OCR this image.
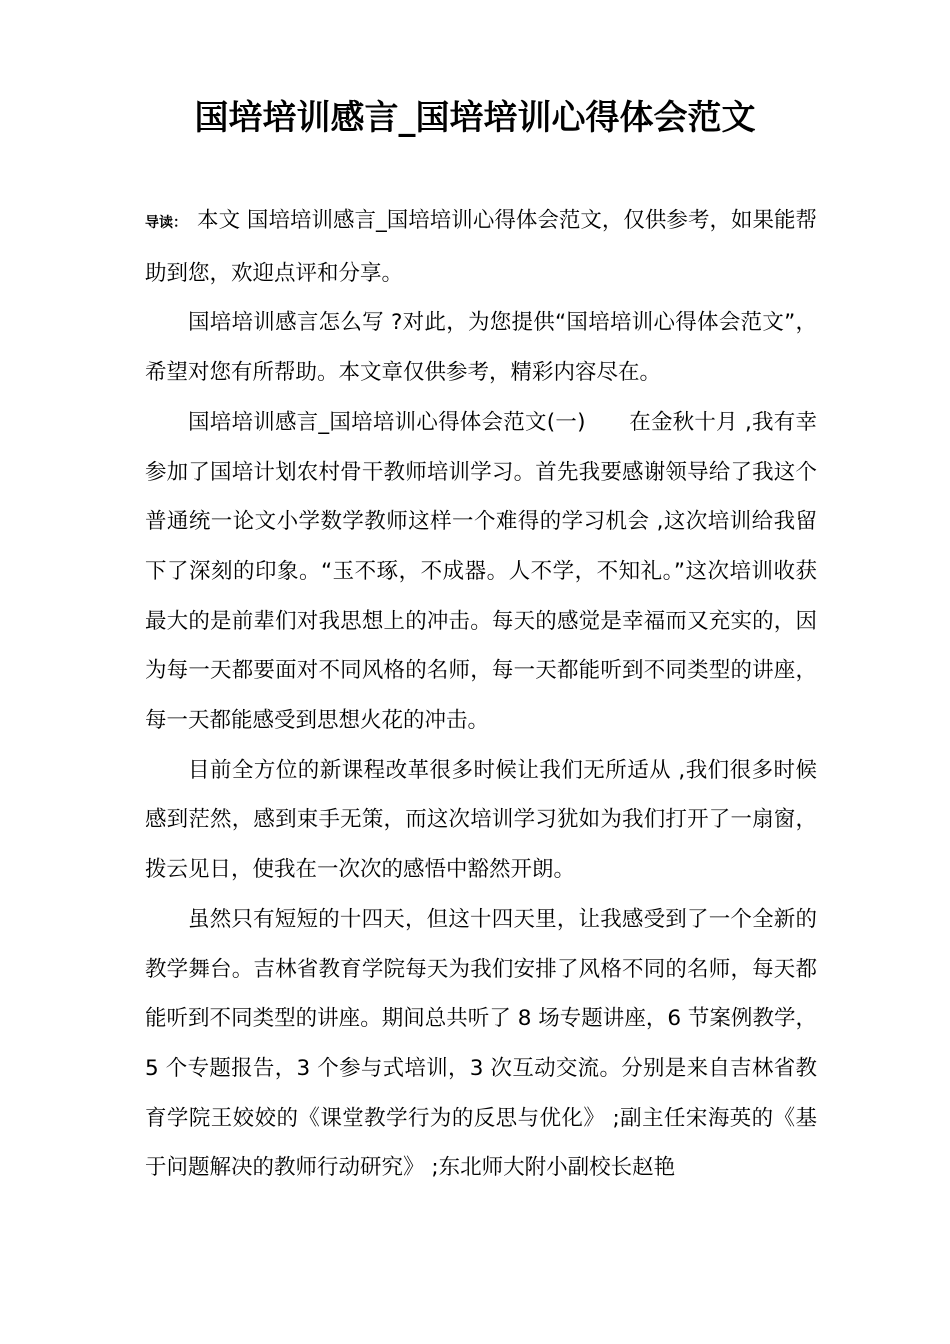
国培培训感言_国培培训心得体会范文

导读： 本文 国培培训感言_国培培训心得体会范文，仅供参考，如果能帮助到您，欢迎点评和分享。

国培培训感言怎么写 ?对此，为您提供“国培培训心得体会范文”，希望对您有所帮助。本文章仅供参考，精彩内容尽在。

国培培训感言_国培培训心得体会范文(一)　　在金秋十月 ,我有幸参加了国培计划农村骨干教师培训学习。首先我要感谢领导给了我这个普通统一论文小学数学教师这样一个难得的学习机会 ,这次培训给我留下了深刻的印象。“玉不琢，不成器。人不学，不知礼。”这次培训收获最大的是前辈们对我思想上的冲击。每天的感觉是幸福而又充实的，因为每一天都要面对不同风格的名师，每一天都能听到不同类型的讲座，每一天都能感受到思想火花的冲击。

目前全方位的新课程改革很多时候让我们无所适从 ,我们很多时候感到茫然，感到束手无策，而这次培训学习犹如为我们打开了一扇窗，拨云见日，使我在一次次的感悟中豁然开朗。

虽然只有短短的十四天，但这十四天里，让我感受到了一个全新的教学舞台。吉林省教育学院每天为我们安排了风格不同的名师，每天都能听到不同类型的讲座。期间总共听了 8 场专题讲座，6 节案例教学，5 个专题报告，3 个参与式培训，3 次互动交流。分别是来自吉林省教育学院王姣姣的《课堂教学行为的反思与优化》 ;副主任宋海英的《基于问题解决的教师行动研究》 ;东北师大附小副校长赵艳
